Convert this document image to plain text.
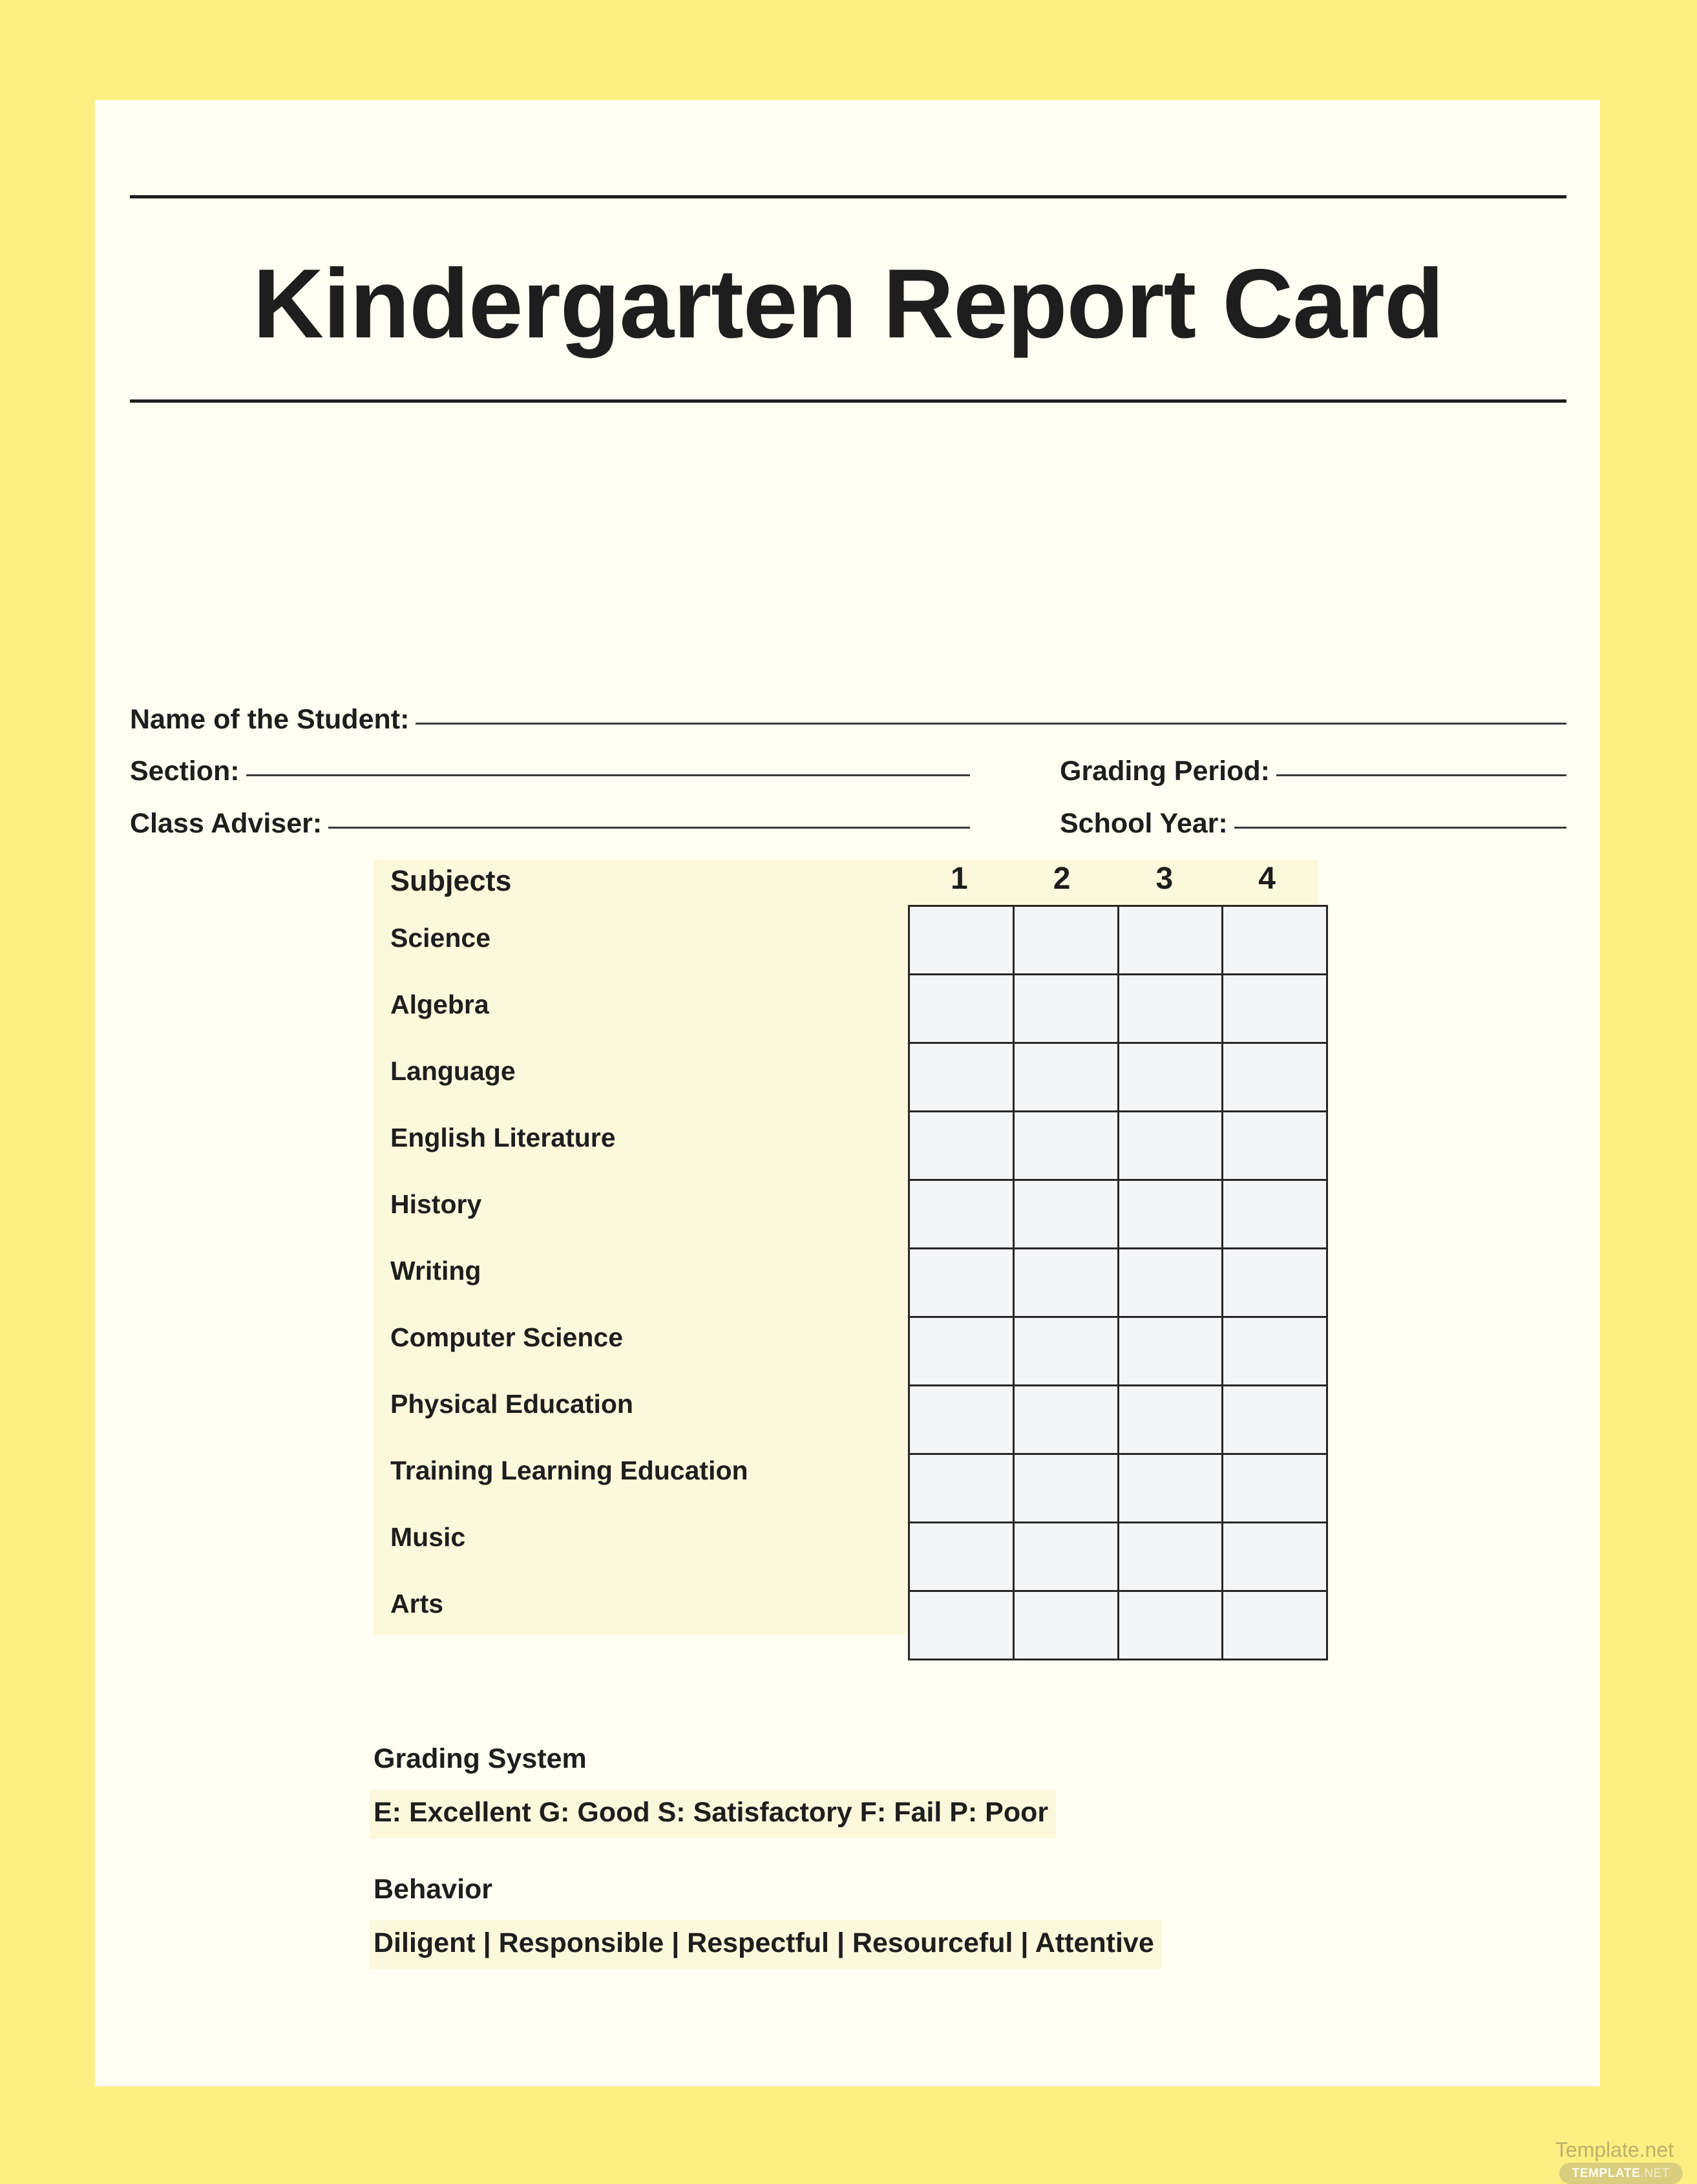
Kindergarten Report Card
Name of the Student:
Section:	Grading Period:
Class Adviser:	School Year:
Subjects	1	2	3	4
Science
Algebra
Language
English Literature
History
Writing
Computer Science
Physical Education
Training Learning Education
Music
Arts

Grading System
E: Excellent G: Good S: Satisfactory F: Fail P: Poor
Behavior
Diligent | Responsible | Respectful | Resourceful | Attentive
Template.net
TEMPLATE.NET
